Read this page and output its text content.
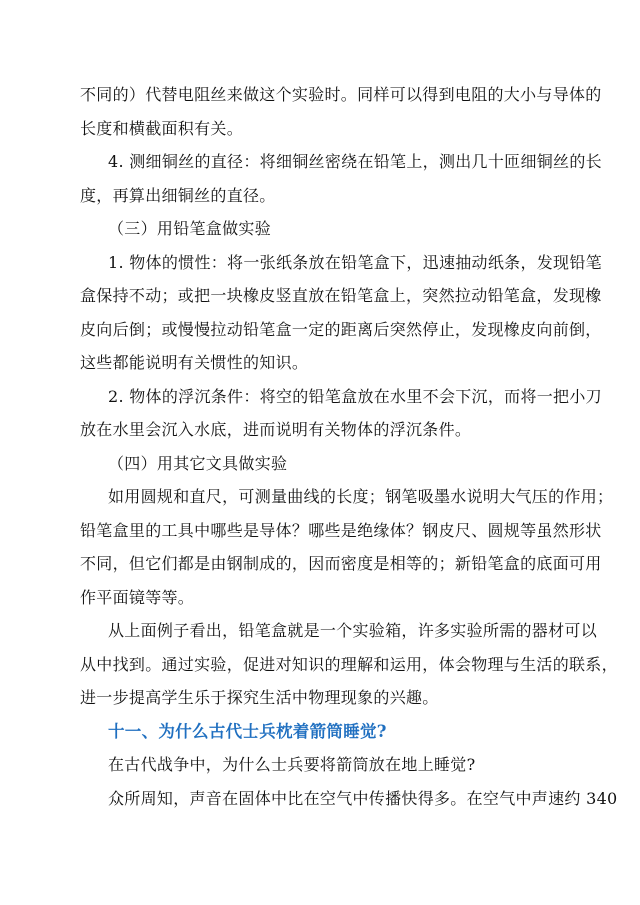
不同的）代替电阻丝来做这个实验时。同样可以得到电阻的大小与导体的
长度和横截面积有关。
4. 测细铜丝的直径：将细铜丝密绕在铅笔上，测出几十匝细铜丝的长
度，再算出细铜丝的直径。
（三）用铅笔盒做实验
1. 物体的惯性：将一张纸条放在铅笔盒下，迅速抽动纸条，发现铅笔
盒保持不动；或把一块橡皮竖直放在铅笔盒上，突然拉动铅笔盒，发现橡
皮向后倒；或慢慢拉动铅笔盒一定的距离后突然停止，发现橡皮向前倒，
这些都能说明有关惯性的知识。
2. 物体的浮沉条件：将空的铅笔盒放在水里不会下沉，而将一把小刀
放在水里会沉入水底，进而说明有关物体的浮沉条件。
（四）用其它文具做实验
如用圆规和直尺，可测量曲线的长度；钢笔吸墨水说明大气压的作用；
铅笔盒里的工具中哪些是导体？哪些是绝缘体？钢皮尺、圆规等虽然形状
不同，但它们都是由钢制成的，因而密度是相等的；新铅笔盒的底面可用
作平面镜等等。
从上面例子看出，铅笔盒就是一个实验箱，许多实验所需的器材可以
从中找到。通过实验，促进对知识的理解和运用，体会物理与生活的联系，
进一步提高学生乐于探究生活中物理现象的兴趣。
十一、为什么古代士兵枕着箭筒睡觉?
在古代战争中，为什么士兵要将箭筒放在地上睡觉?
众所周知，声音在固体中比在空气中传播快得多。在空气中声速约 340
